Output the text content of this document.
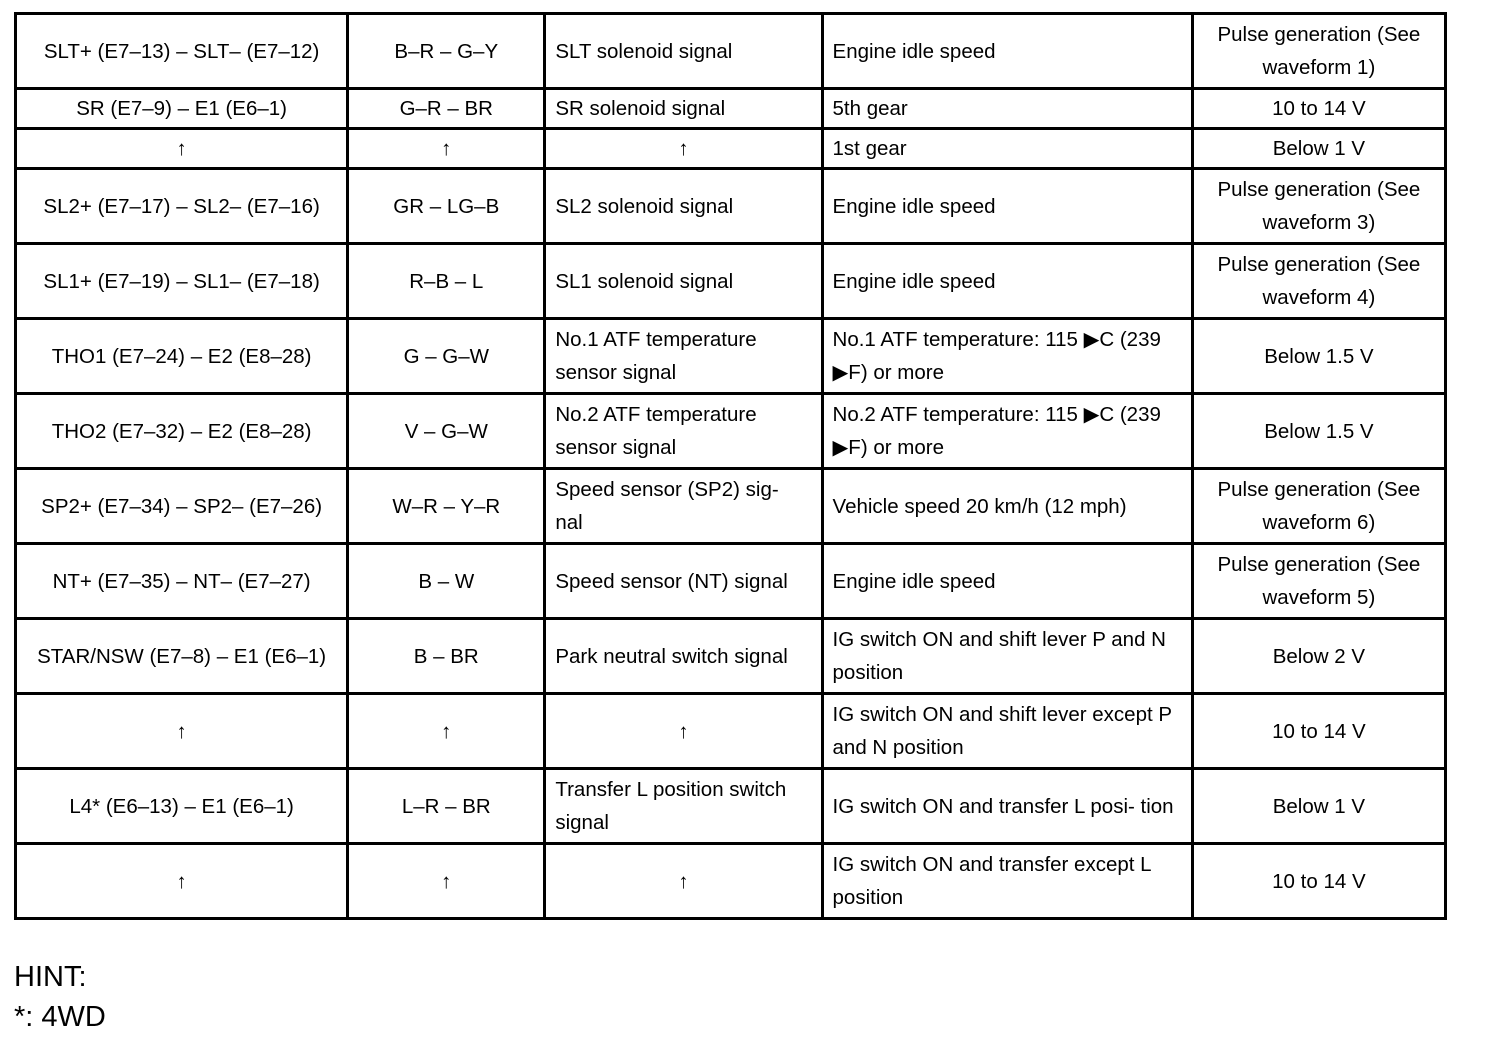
SLT+ (E7–13) – SLT– (E7–12)	B–R – G–Y	SLT solenoid signal	Engine idle speed	Pulse generation (See waveform 1)
SR (E7–9) – E1 (E6–1)	G–R – BR	SR solenoid signal	5th gear	10 to 14 V
↑	↑	↑	1st gear	Below 1 V
SL2+ (E7–17) – SL2– (E7–16)	GR – LG–B	SL2 solenoid signal	Engine idle speed	Pulse generation (See waveform 3)
SL1+ (E7–19) – SL1– (E7–18)	R–B – L	SL1 solenoid signal	Engine idle speed	Pulse generation (See waveform 4)
THO1 (E7–24) – E2 (E8–28)	G – G–W	No.1 ATF temperature sensor signal	No.1 ATF temperature: 115 ▶C (239 ▶F) or more	Below 1.5 V
THO2 (E7–32) – E2 (E8–28)	V – G–W	No.2 ATF temperature sensor signal	No.2 ATF temperature: 115 ▶C (239 ▶F) or more	Below 1.5 V
SP2+ (E7–34) – SP2– (E7–26)	W–R – Y–R	Speed sensor (SP2) sig- nal	Vehicle speed 20 km/h (12 mph)	Pulse generation (See waveform 6)
NT+ (E7–35) – NT– (E7–27)	B – W	Speed sensor (NT) signal	Engine idle speed	Pulse generation (See waveform 5)
STAR/NSW (E7–8) – E1 (E6–1)	B – BR	Park neutral switch signal	IG switch ON and shift lever P and N position	Below 2 V
↑	↑	↑	IG switch ON and shift lever except P and N position	10 to 14 V
L4* (E6–13) – E1 (E6–1)	L–R – BR	Transfer L position switch signal	IG switch ON and transfer L posi- tion	Below 1 V
↑	↑	↑	IG switch ON and transfer except L position	10 to 14 V
HINT:
*: 4WD
